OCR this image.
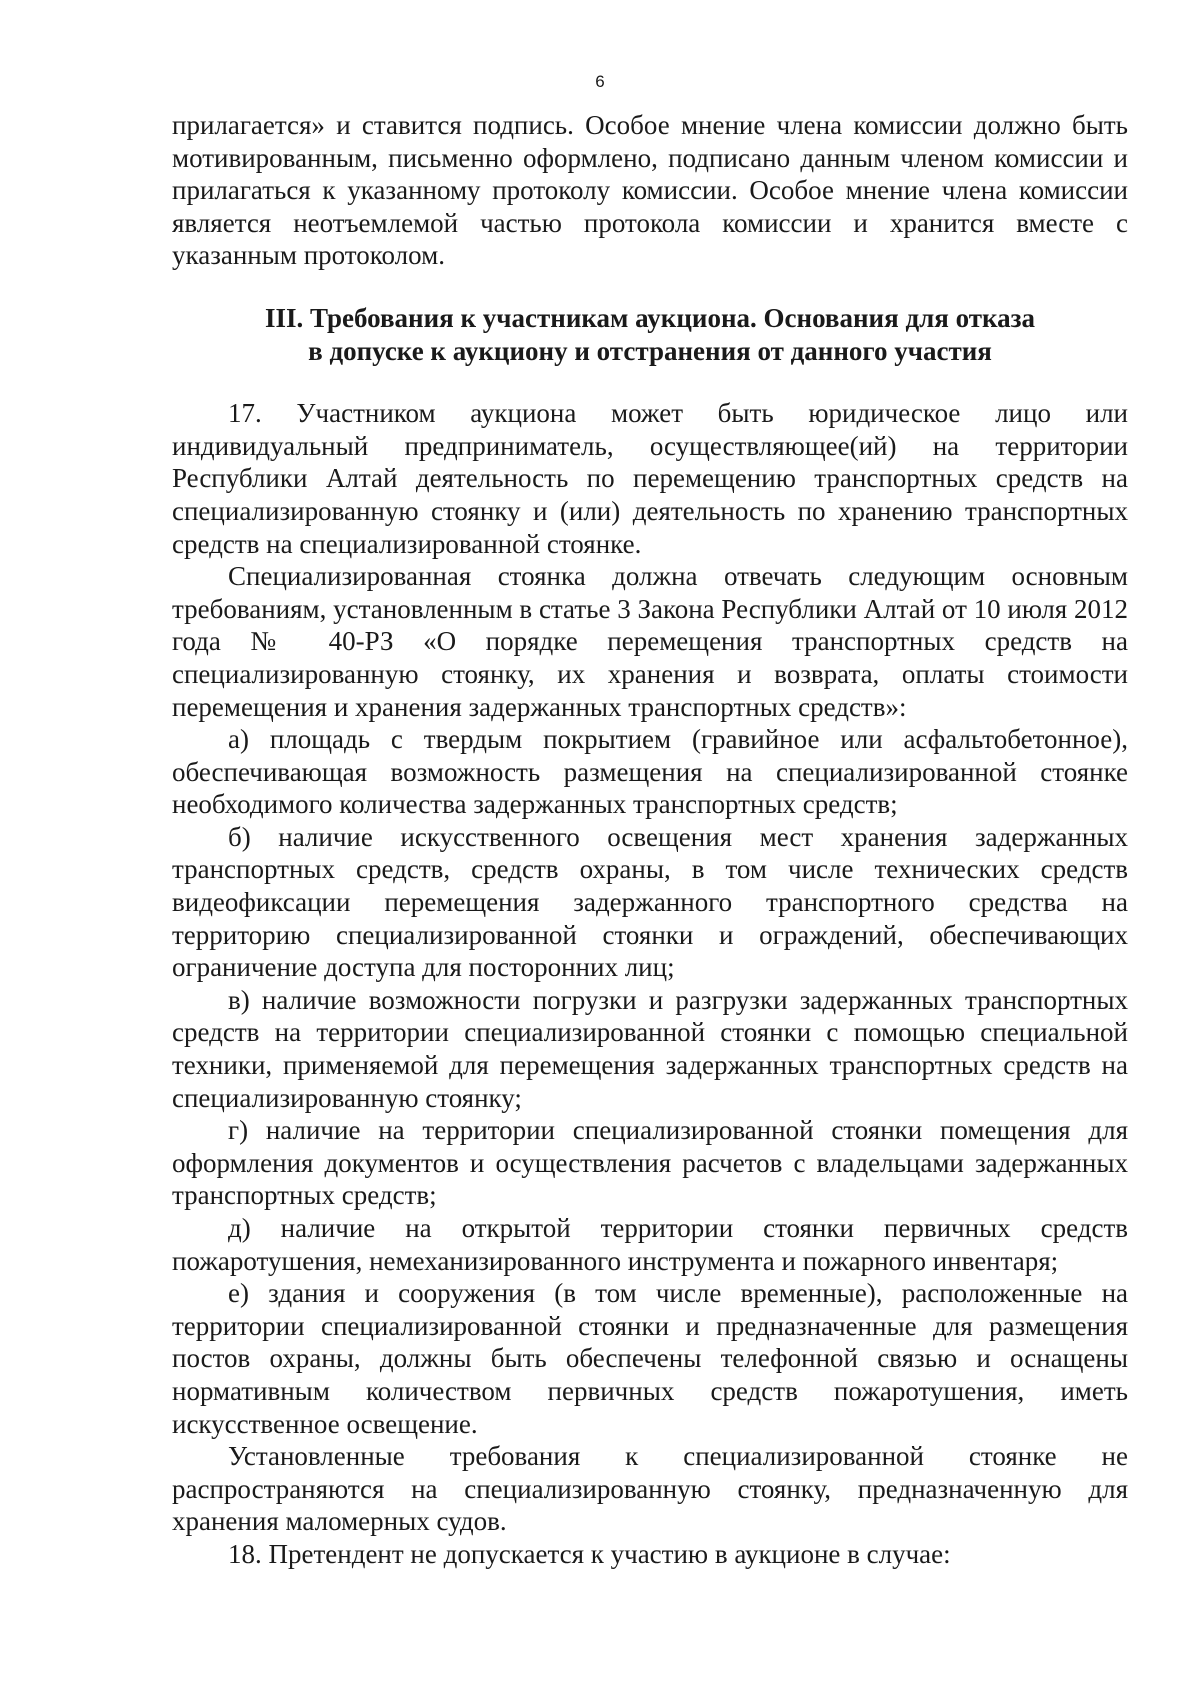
6

прилагается» и ставится подпись. Особое мнение члена комиссии должно быть мотивированным, письменно оформлено, подписано данным членом комиссии и прилагаться к указанному протоколу комиссии. Особое мнение члена комиссии является неотъемлемой частью протокола комиссии и хранится вместе с указанным протоколом.

III. Требования к участникам аукциона. Основания для отказа
в допуске к аукциону и отстранения от данного участия

17. Участником аукциона может быть юридическое лицо или индивидуальный предприниматель, осуществляющее(ий) на территории Республики Алтай деятельность по перемещению транспортных средств на специализированную стоянку и (или) деятельность по хранению транспортных средств на специализированной стоянке.

Специализированная стоянка должна отвечать следующим основным требованиям, установленным в статье 3 Закона Республики Алтай от 10 июля 2012 года № 40-РЗ «О порядке перемещения транспортных средств на специализированную стоянку, их хранения и возврата, оплаты стоимости перемещения и хранения задержанных транспортных средств»:

а) площадь с твердым покрытием (гравийное или асфальтобетонное), обеспечивающая возможность размещения на специализированной стоянке необходимого количества задержанных транспортных средств;

б) наличие искусственного освещения мест хранения задержанных транспортных средств, средств охраны, в том числе технических средств видеофиксации перемещения задержанного транспортного средства на территорию специализированной стоянки и ограждений, обеспечивающих ограничение доступа для посторонних лиц;

в) наличие возможности погрузки и разгрузки задержанных транспортных средств на территории специализированной стоянки с помощью специальной техники, применяемой для перемещения задержанных транспортных средств на специализированную стоянку;

г) наличие на территории специализированной стоянки помещения для оформления документов и осуществления расчетов с владельцами задержанных транспортных средств;

д) наличие на открытой территории стоянки первичных средств пожаротушения, немеханизированного инструмента и пожарного инвентаря;

е) здания и сооружения (в том числе временные), расположенные на территории специализированной стоянки и предназначенные для размещения постов охраны, должны быть обеспечены телефонной связью и оснащены нормативным количеством первичных средств пожаротушения, иметь искусственное освещение.

Установленные требования к специализированной стоянке не распространяются на специализированную стоянку, предназначенную для хранения маломерных судов.

18. Претендент не допускается к участию в аукционе в случае:
